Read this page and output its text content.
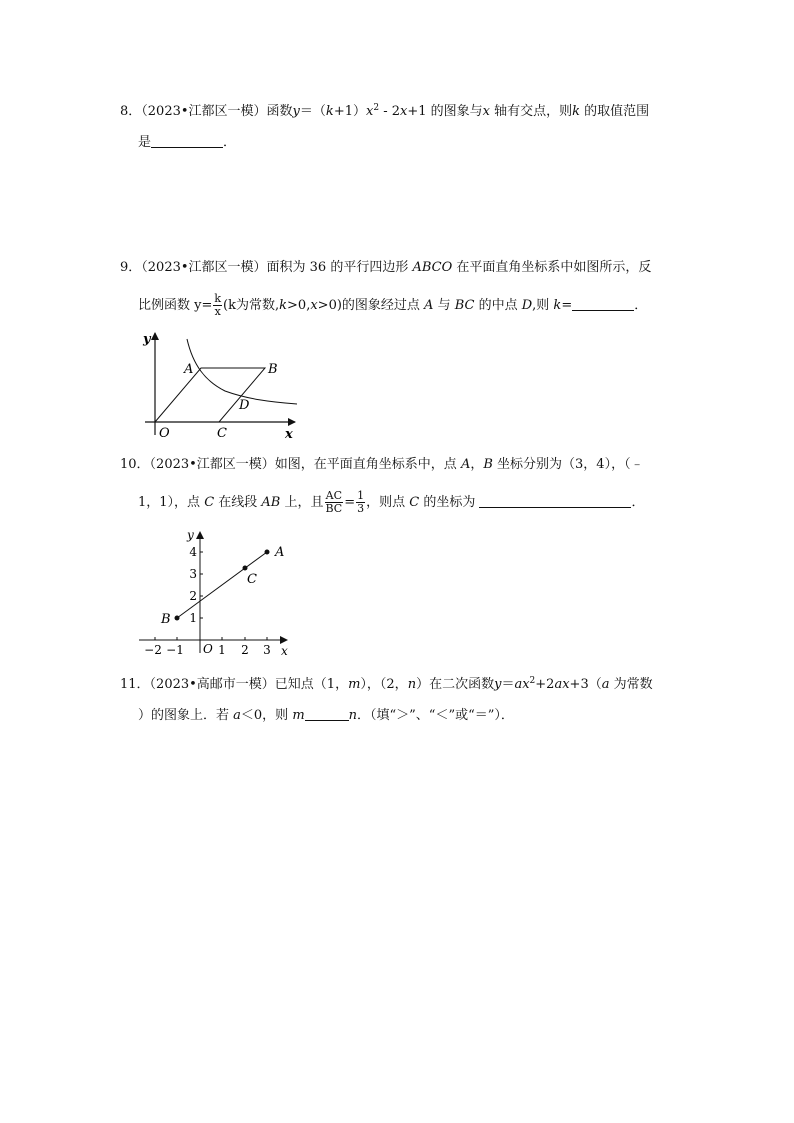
8．（2023•江都区一模）函数$y=(k+1)x^2 - 2x+1$ 的图象与x 轴有交点，则k 的取值范围
是	．
9．（2023•江都区一模）面积为 36 的平行四边形 ABCO 在平面直角坐标系中如图所示，反
比例函数 $y= \frac{k}{x} (k$为常数,k>0,x>0)的图象经过点 A 与 BC 的中点 D,则 k=	．
y
x
O
A	B
C
D
10．（2023•江都区一模）如图，在平面直角坐标系中，点 A，B 坐标分别为（3，4），（﹣
1，1），点 C 在线段 AB 上，且 $\frac{AC}{BC} = \frac{1}{3}$ ，则点 C 的坐标为	．
y
x
O
A
B
C
−2 −1	1 2 3
1
2
3
4
11．（2023•高邮市一模）已知点（1，m），（2，n）在二次函数$y=ax^2+2ax+3(a$ 为常数
）的图象上．若 a＜0，则 m	n．（填“＞”、“＜”或“＝”）．
